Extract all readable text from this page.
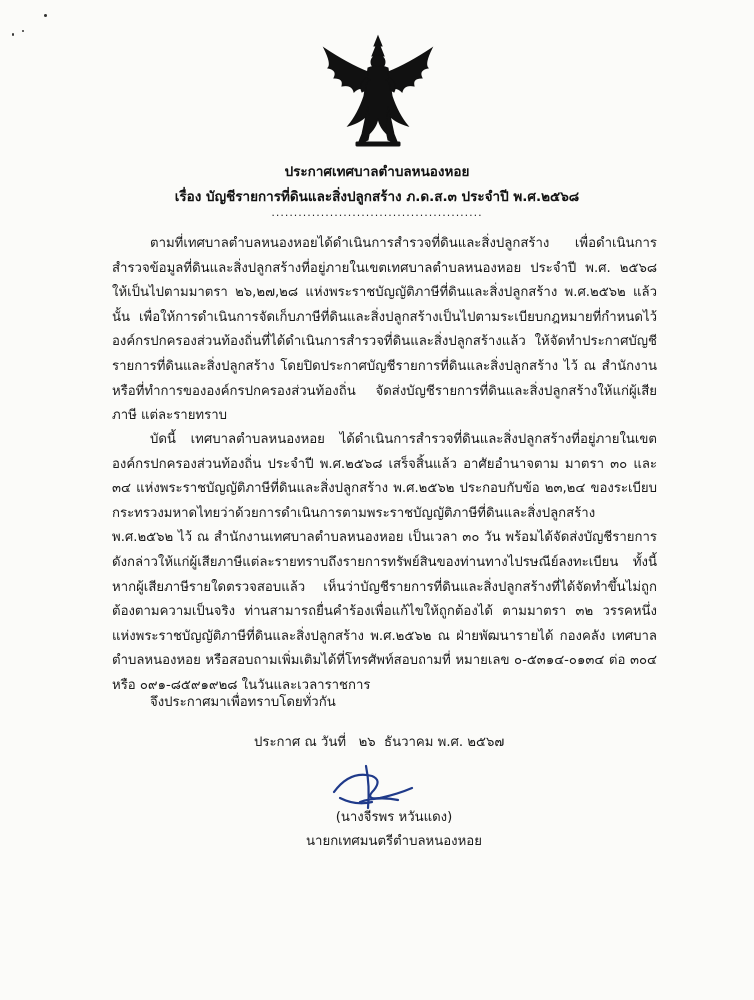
ประกาศเทศบาลตำบลหนองหอย
เรื่อง บัญชีรายการที่ดินและสิ่งปลูกสร้าง ภ.ด.ส.๓ ประจำปี พ.ศ.๒๕๖๘
...............................................

ตามที่เทศบาลตำบลหนองหอยได้ดำเนินการสำรวจที่ดินและสิ่งปลูกสร้าง เพื่อดำเนินการสำรวจข้อมูลที่ดินและสิ่งปลูกสร้างที่อยู่ภายในเขตเทศบาลตำบลหนองหอย ประจำปี พ.ศ. ๒๕๖๘ ให้เป็นไปตามมาตรา ๒๖,๒๗,๒๘ แห่งพระราชบัญญัติภาษีที่ดินและสิ่งปลูกสร้าง พ.ศ.๒๕๖๒ แล้วนั้น เพื่อให้การดำเนินการจัดเก็บภาษีที่ดินและสิ่งปลูกสร้างเป็นไปตามระเบียบกฎหมายที่กำหนดไว้ องค์กรปกครองส่วนท้องถิ่นที่ได้ดำเนินการสำรวจที่ดินและสิ่งปลูกสร้างแล้ว ให้จัดทำประกาศบัญชีรายการที่ดินและสิ่งปลูกสร้าง โดยปิดประกาศบัญชีรายการที่ดินและสิ่งปลูกสร้าง ไว้ ณ สำนักงานหรือที่ทำการขององค์กรปกครองส่วนท้องถิ่น จัดส่งบัญชีรายการที่ดินและสิ่งปลูกสร้างให้แก่ผู้เสียภาษี แต่ละรายทราบ

บัดนี้ เทศบาลตำบลหนองหอย ได้ดำเนินการสำรวจที่ดินและสิ่งปลูกสร้างที่อยู่ภายในเขตองค์กรปกครองส่วนท้องถิ่น ประจำปี พ.ศ.๒๕๖๘ เสร็จสิ้นแล้ว อาศัยอำนาจตาม มาตรา ๓๐ และ ๓๔ แห่งพระราชบัญญัติภาษีที่ดินและสิ่งปลูกสร้าง พ.ศ.๒๕๖๒ ประกอบกับข้อ ๒๓,๒๔ ของระเบียบกระทรวงมหาดไทยว่าด้วยการดำเนินการตามพระราชบัญญัติภาษีที่ดินและสิ่งปลูกสร้าง พ.ศ.๒๕๖๒ ไว้ ณ สำนักงานเทศบาลตำบลหนองหอย เป็นเวลา ๓๐ วัน พร้อมได้จัดส่งบัญชีรายการดังกล่าวให้แก่ผู้เสียภาษีแต่ละรายทราบถึงรายการทรัพย์สินของท่านทางไปรษณีย์ลงทะเบียน ทั้งนี้ หากผู้เสียภาษีรายใดตรวจสอบแล้ว เห็นว่าบัญชีรายการที่ดินและสิ่งปลูกสร้างที่ได้จัดทำขึ้นไม่ถูกต้องตามความเป็นจริง ท่านสามารถยื่นคำร้องเพื่อแก้ไขให้ถูกต้องได้ ตามมาตรา ๓๒ วรรคหนึ่งแห่งพระราชบัญญัติภาษีที่ดินและสิ่งปลูกสร้าง พ.ศ.๒๕๖๒ ณ ฝ่ายพัฒนารายได้ กองคลัง เทศบาลตำบลหนองหอย หรือสอบถามเพิ่มเติมได้ที่โทรศัพท์สอบถามที่ หมายเลข ๐-๕๓๑๔-๐๑๓๔ ต่อ ๓๐๔ หรือ ๐๙๑-๘๕๙๑๙๒๘ ในวันและเวลาราชการ

จึงประกาศมาเพื่อทราบโดยทั่วกัน
ประกาศ ณ วันที่   ๒๖  ธันวาคม พ.ศ. ๒๕๖๗
(นางจีรพร หวันแดง)
นายกเทศมนตรีตำบลหนองหอย
